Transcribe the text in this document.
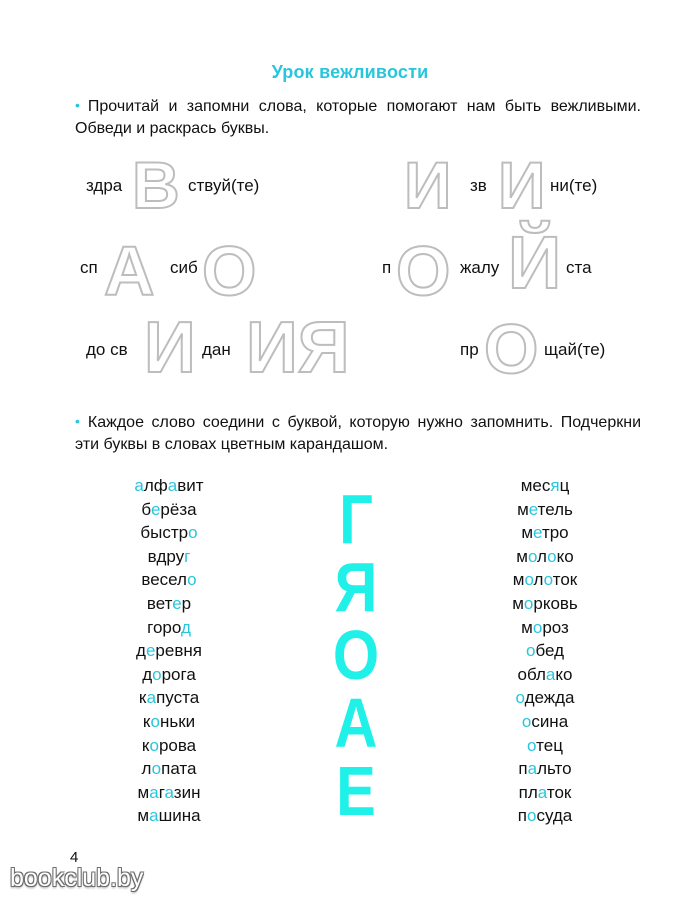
Урок вежливости
• Прочитай и запомни слова, которые помогают нам быть вежливыми. Обведи и раскрась буквы.
здра В ствуй(те) И зв И ни(те)
сп А сиб О	п О жалу Й ста
до св И дан ИЯ	пр О щай(те)
• Каждое слово соедини с буквой, которую нужно запомнить. Подчеркни эти буквы в словах цветным карандашом.
алфавит
берёза
быстро
вдруг
весело
ветер
город
деревня
дорога
капуста
коньки
корова
лопата
магазин
машина
Г
Я
О
А
Е
месяц
метель
метро
молоко
молоток
морковь
мороз
обед
облако
одежда
осина
отец
пальто
платок
посуда
4
bookclub.by
